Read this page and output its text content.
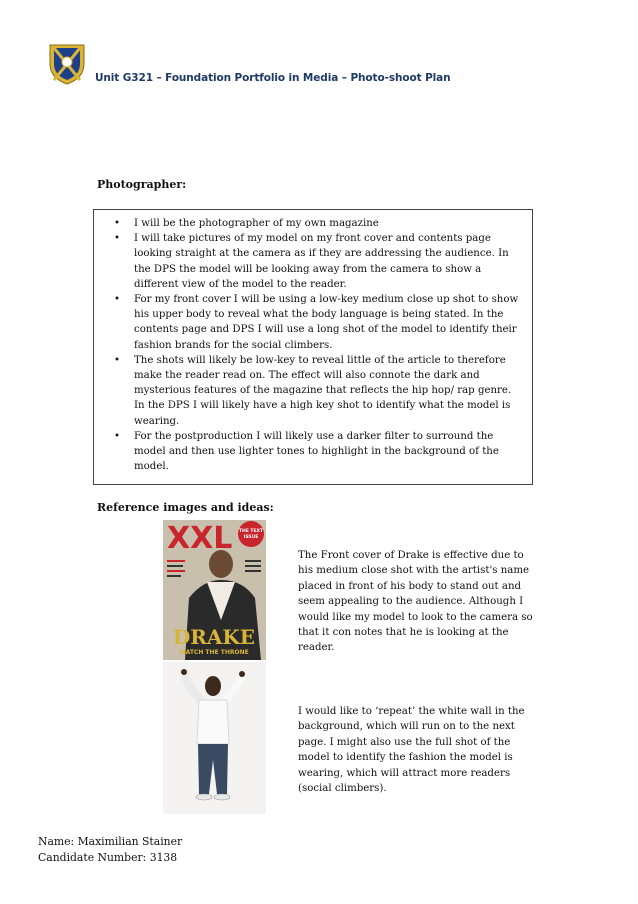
Unit G321 – Foundation Portfolio in Media – Photo-shoot Plan
Photographer:
• I will be the photographer of my own magazine
• I will take pictures of my model on my front cover and contents page looking straight at the camera as if they are addressing the audience. In the DPS the model will be looking away from the camera to show a different view of the model to the reader.
• For my front cover I will be using a low-key medium close up shot to show his upper body to reveal what the body language is being stated. In the contents page and DPS I will use a long shot of the model to identify their fashion brands for the social climbers.
• The shots will likely be low-key to reveal little of the article to therefore make the reader read on. The effect will also connote the dark and mysterious features of the magazine that reflects the hip hop/ rap genre. In the DPS I will likely have a high key shot to identify what the model is wearing.
• For the postproduction I will likely use a darker filter to surround the model and then use lighter tones to highlight in the background of the model.
Reference images and ideas:
XXL THE TEXT
ISSUE
DRAKE
WATCH THE THRONE
The Front cover of Drake is effective due to his medium close shot with the artist's name placed in front of his body to stand out and seem appealing to the audience. Although I would like my model to look to the camera so that it con notes that he is looking at the reader.
I would like to ‘repeat’ the white wall in the background, which will run on to the next page. I might also use the full shot of the model to identify the fashion the model is wearing, which will attract more readers (social climbers).
Name: Maximilian Stainer
Candidate Number: 3138
